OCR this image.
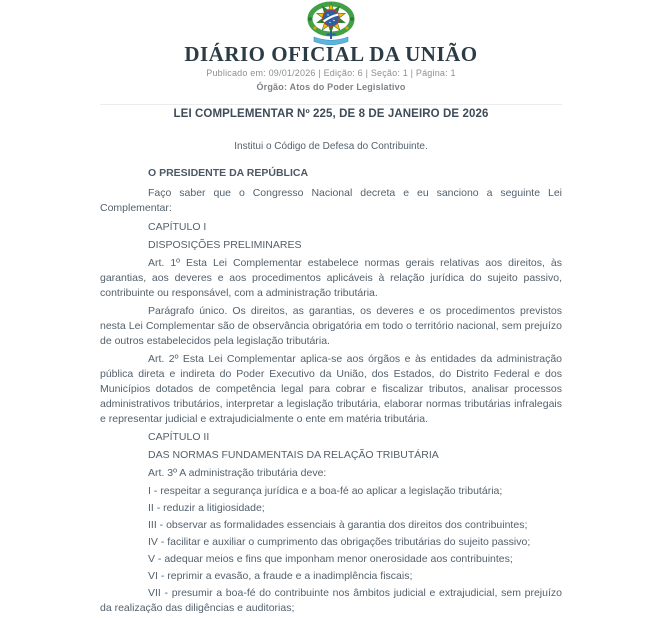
DIÁRIO OFICIAL DA UNIÃO
Publicado em: 09/01/2026 | Edição: 6 | Seção: 1 | Página: 1
Órgão: Atos do Poder Legislativo
LEI COMPLEMENTAR Nº 225, DE 8 DE JANEIRO DE 2026

Institui o Código de Defesa do Contribuinte.

O PRESIDENTE DA REPÚBLICA

Faço saber que o Congresso Nacional decreta e eu sanciono a seguinte Lei Complementar:

CAPÍTULO I

DISPOSIÇÕES PRELIMINARES

Art. 1º Esta Lei Complementar estabelece normas gerais relativas aos direitos, às garantias, aos deveres e aos procedimentos aplicáveis à relação jurídica do sujeito passivo, contribuinte ou responsável, com a administração tributária.

Parágrafo único. Os direitos, as garantias, os deveres e os procedimentos previstos nesta Lei Complementar são de observância obrigatória em todo o território nacional, sem prejuízo de outros estabelecidos pela legislação tributária.

Art. 2º Esta Lei Complementar aplica-se aos órgãos e às entidades da administração pública direta e indireta do Poder Executivo da União, dos Estados, do Distrito Federal e dos Municípios dotados de competência legal para cobrar e fiscalizar tributos, analisar processos administrativos tributários, interpretar a legislação tributária, elaborar normas tributárias infralegais e representar judicial e extrajudicialmente o ente em matéria tributária.

CAPÍTULO II

DAS NORMAS FUNDAMENTAIS DA RELAÇÃO TRIBUTÁRIA

Art. 3º A administração tributária deve:

I - respeitar a segurança jurídica e a boa-fé ao aplicar a legislação tributária;

II - reduzir a litigiosidade;

III - observar as formalidades essenciais à garantia dos direitos dos contribuintes;

IV - facilitar e auxiliar o cumprimento das obrigações tributárias do sujeito passivo;

V - adequar meios e fins que imponham menor onerosidade aos contribuintes;

VI - reprimir a evasão, a fraude e a inadimplência fiscais;

VII - presumir a boa-fé do contribuinte nos âmbitos judicial e extrajudicial, sem prejuízo da realização das diligências e auditorias;
